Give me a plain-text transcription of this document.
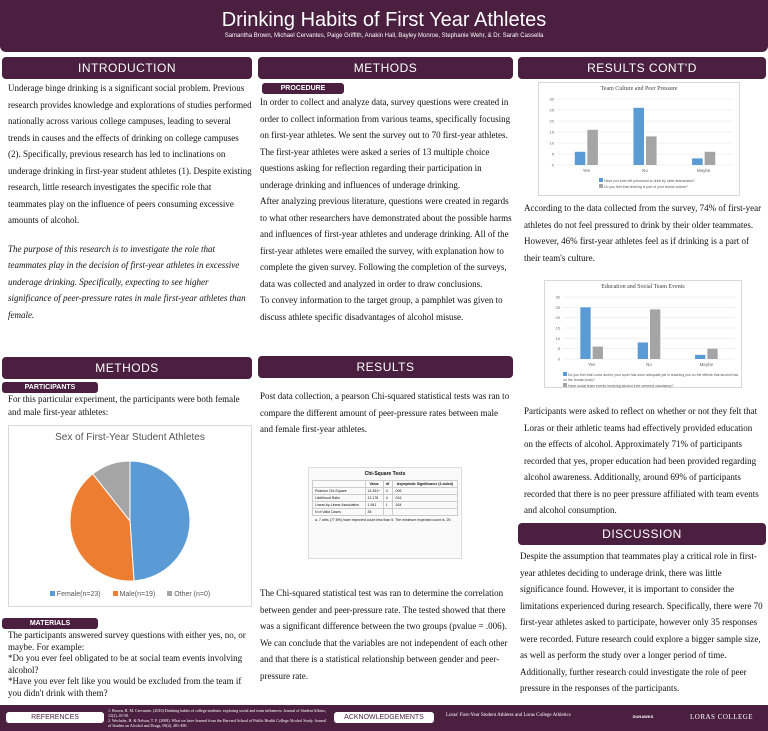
Drinking Habits of First Year Athletes
Samantha Brown, Michael Cervantes, Paige Griffith, Anakin Hall, Bayley Monroe, Stephanie Wehr, & Dr. Sarah Cassella
INTRODUCTION

Underage binge drinking is a significant social problem. Previous research provides knowledge and explorations of studies performed nationally across various college campuses, leading to several trends in causes and the effects of drinking on college campuses (2). Specifically, previous research has led to inclinations on underage drinking in first-year student athletes (1). Despite existing research, little research investigates the specific role that teammates play on the influence of peers consuming excessive amounts of alcohol.

The purpose of this research is to investigate the role that teammates play in the decision of first-year athletes in excessive underage drinking. Specifically, expecting to see higher significance of peer-pressure rates in male first-year athletes than female.

METHODS
PARTICIPANTS
For this particular experiment, the participants were both female and male first-year athletes:
Sex of First-Year Student Athletes
Female(n=23)	Male(n=19)	Other (n=0)
MATERIALS

The participants answered survey questions with either yes, no, or maybe. For example:

*Do you ever feel obligated to be at social team events involving alcohol?

*Have you ever felt like you would be excluded from the team if you didn't drink with them?

METHODS
PROCEDURE

In order to collect and analyze data, survey questions were created in order to collect information from various teams, specifically focusing on first-year athletes. We sent the survey out to 70 first-year athletes. The first-year athletes were asked a series of 13 multiple choice questions asking for reflection regarding their participation in underage drinking and influences of underage drinking.

After analyzing previous literature, questions were created in regards to what other researchers have demonstrated about the possible harms and influences of first-year athletes and underage drinking. All of the first-year athletes were emailed the survey, with explanation how to complete the given survey. Following the completion of the surveys, data was collected and analyzed in order to draw conclusions.

To convey information to the target group, a pamphlet was given to discuss athlete specific disadvantages of alcohol misuse.

RESULTS
Post data collection, a pearson Chi-squared statistical tests was ran to compare the different amount of peer-pressure rates between male and female first-year athletes.
Chi-Square Tests
	Value	df	Asymptotic Significance (2-sided)
Pearson Chi-Square	14.361ᵃ	4	.006
Likelihood Ratio	12.178	4	.016
Linear-by-Linear Association	1.941	1	.164
N of Valid Cases	35		
a. 7 cells (77.8%) have expected count less than 5. The minimum expected count is .29.
The Chi-squared statistical test was ran to determine the correlation between gender and peer-pressure rate. The tested showed that there was a significant difference between the two groups (pvalue = .006). We can conclude that the variables are not independent of each other and that there is a statistical relationship between gender and peer-pressure rate.
RESULTS CONT'D
Team Culture and Peer Pressure
0
5
10
15
20
25
30
Yes	No	Maybe
Have you ever felt pressured to drink by older teammates?
Do you feel that drinking is part of your teams culture?
According to the data collected from the survey, 74% of first-year athletes do not feel pressured to drink by their older teammates. However, 46% first-year athletes feel as if drinking is a part of their team's culture.
Education and Social Team Events
0
5
10
15
20
25
30
Yes	No	Maybe
Do you feel that Loras and/or your sport has done adequate job in teaching you on the effects that alcohol has on the human body?
Have social team events involving alcohol ever seemed mandatory?
Participants were asked to reflect on whether or not they felt that Loras or their athletic teams had effectively provided education on the effects of alcohol. Approximately 71% of participants recorded that yes, proper education had been provided regarding alcohol awareness. Additionally, around 69% of participants recorded that there is no peer pressure affiliated with team events and alcohol consumption.
DISCUSSION
Despite the assumption that teammates play a critical role in first-year athletes deciding to underage drink, there was little significance found. However, it is important to consider the limitations experienced during research. Specifically, there were 70 first-year athletes asked to participate, however only 35 responses were recorded. Future research could explore a bigger sample size, as well as perform the study over a longer period of time. Additionally, further research could investigate the role of peer pressure in the responses of the participants.
REFERENCES
1. Brown, R. M. Cervantes. (2016) Drinking habits of college students: exploring social and team influences. Journal of Student Affairs, 12(2), 45-58.
2. Wechsler, H. & Nelson, T. F. (2008). What we have learned from the Harvard School of Public Health College Alcohol Study. Journal of Studies on Alcohol and Drugs, 69(4), 481-490.
ACKNOWLEDGEMENTS	Loras' First-Year Student Athletes and Loras College Athletics	DUHAWKS	LORAS COLLEGE
